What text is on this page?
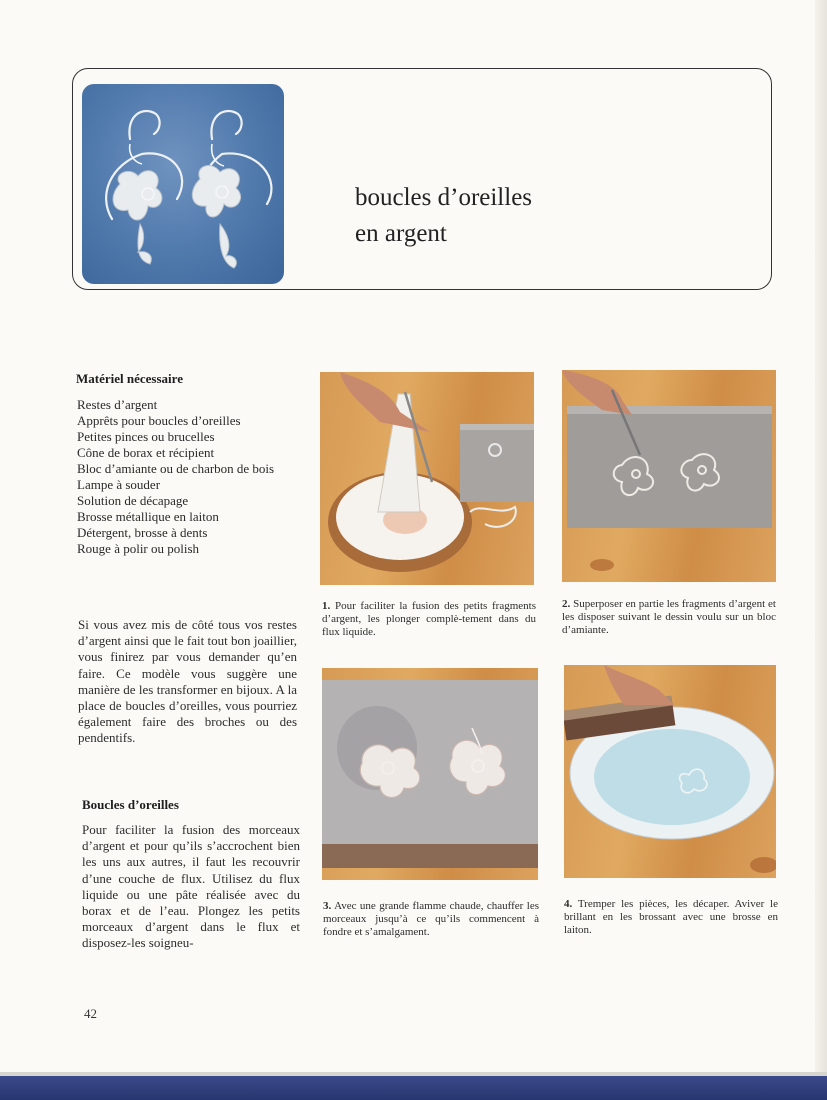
boucles d’oreilles
en argent
Matériel nécessaire
Restes d’argent
Apprêts pour boucles d’oreilles
Petites pinces ou brucelles
Cône de borax et récipient
Bloc d’amiante ou de charbon de bois
Lampe à souder
Solution de décapage
Brosse métallique en laiton
Détergent, brosse à dents
Rouge à polir ou polish

Si vous avez mis de côté tous vos restes d’argent ainsi que le fait tout bon joaillier, vous finirez par vous demander qu’en faire. Ce modèle vous suggère une manière de les transformer en bijoux. A la place de boucles d’oreilles, vous pourriez également faire des broches ou des pendentifs.

Boucles d’oreilles

Pour faciliter la fusion des morceaux d’argent et pour qu’ils s’accrochent bien les uns aux autres, il faut les recouvrir d’une couche de flux. Utilisez du flux liquide ou une pâte réalisée avec du borax et de l’eau. Plongez les petits morceaux d’argent dans le flux et disposez-les soigneu-

42

1. Pour faciliter la fusion des petits fragments d’argent, les plonger complè-tement dans du flux liquide.

2. Superposer en partie les fragments d’argent et les disposer suivant le dessin voulu sur un bloc d’amiante.

3. Avec une grande flamme chaude, chauffer les morceaux jusqu’à ce qu’ils commencent à fondre et s’amalgament.

4. Tremper les pièces, les décaper. Aviver le brillant en les brossant avec une brosse en laiton.
